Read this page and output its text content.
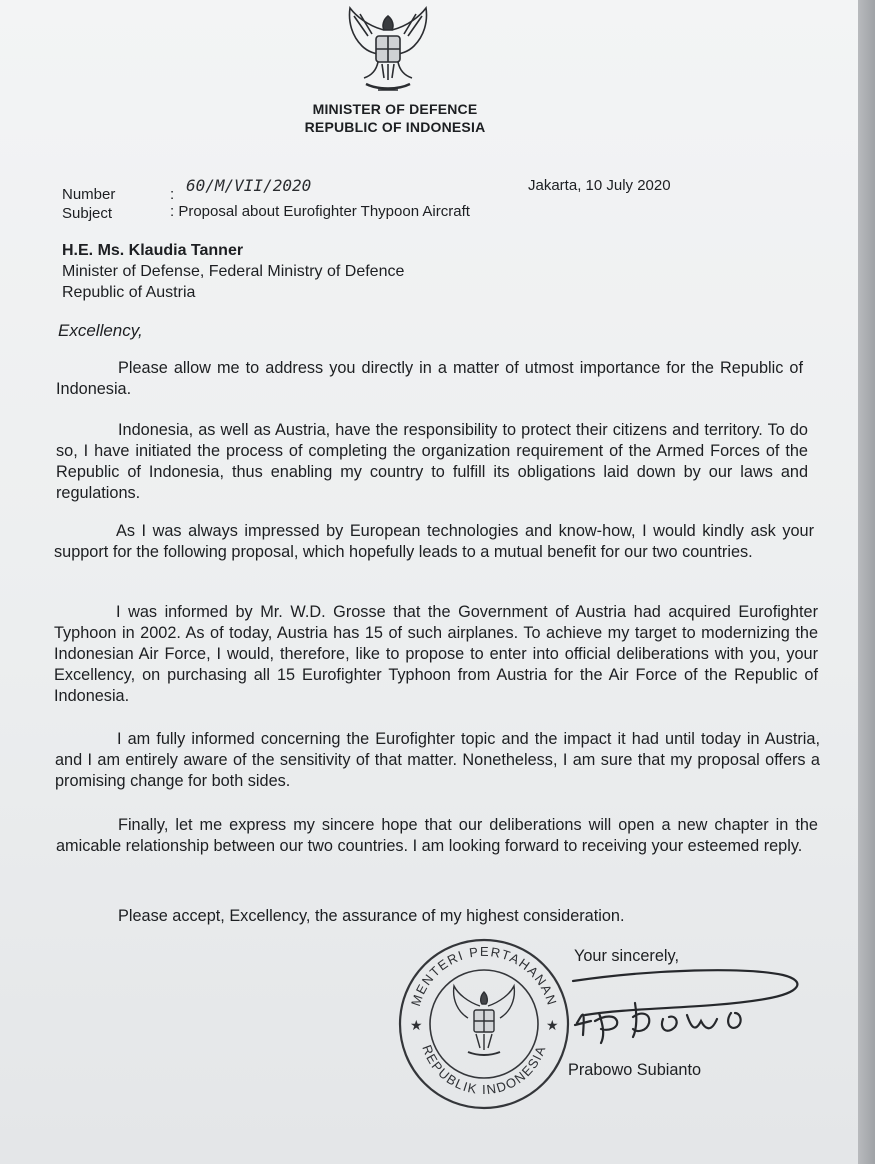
MINISTER OF DEFENCE
REPUBLIC OF INDONESIA
Number	: 60/M/VII/2020	Jakarta, 10 July 2020
Subject	: Proposal about Eurofighter Thypoon Aircraft
H.E. Ms. Klaudia Tanner
Minister of Defense, Federal Ministry of Defence
Republic of Austria
Excellency,
Please allow me to address you directly in a matter of utmost importance for the Republic of Indonesia.
Indonesia, as well as Austria, have the responsibility to protect their citizens and territory. To do so, I have initiated the process of completing the organization requirement of the Armed Forces of the Republic of Indonesia, thus enabling my country to fulfill its obligations laid down by our laws and regulations.
As I was always impressed by European technologies and know-how, I would kindly ask your support for the following proposal, which hopefully leads to a mutual benefit for our two countries.
I was informed by Mr. W.D. Grosse that the Government of Austria had acquired Eurofighter Typhoon in 2002. As of today, Austria has 15 of such airplanes. To achieve my target to modernizing the Indonesian Air Force, I would, therefore, like to propose to enter into official deliberations with you, your Excellency, on purchasing all 15 Eurofighter Typhoon from Austria for the Air Force of the Republic of Indonesia.
I am fully informed concerning the Eurofighter topic and the impact it had until today in Austria, and I am entirely aware of the sensitivity of that matter. Nonetheless, I am sure that my proposal offers a promising change for both sides.
Finally, let me express my sincere hope that our deliberations will open a new chapter in the amicable relationship between our two countries. I am looking forward to receiving your esteemed reply.
Please accept, Excellency, the assurance of my highest consideration.
MENTERI PERTAHANAN
REPUBLIK INDONESIA
★	★
Your sincerely,
Prabowo Subianto
